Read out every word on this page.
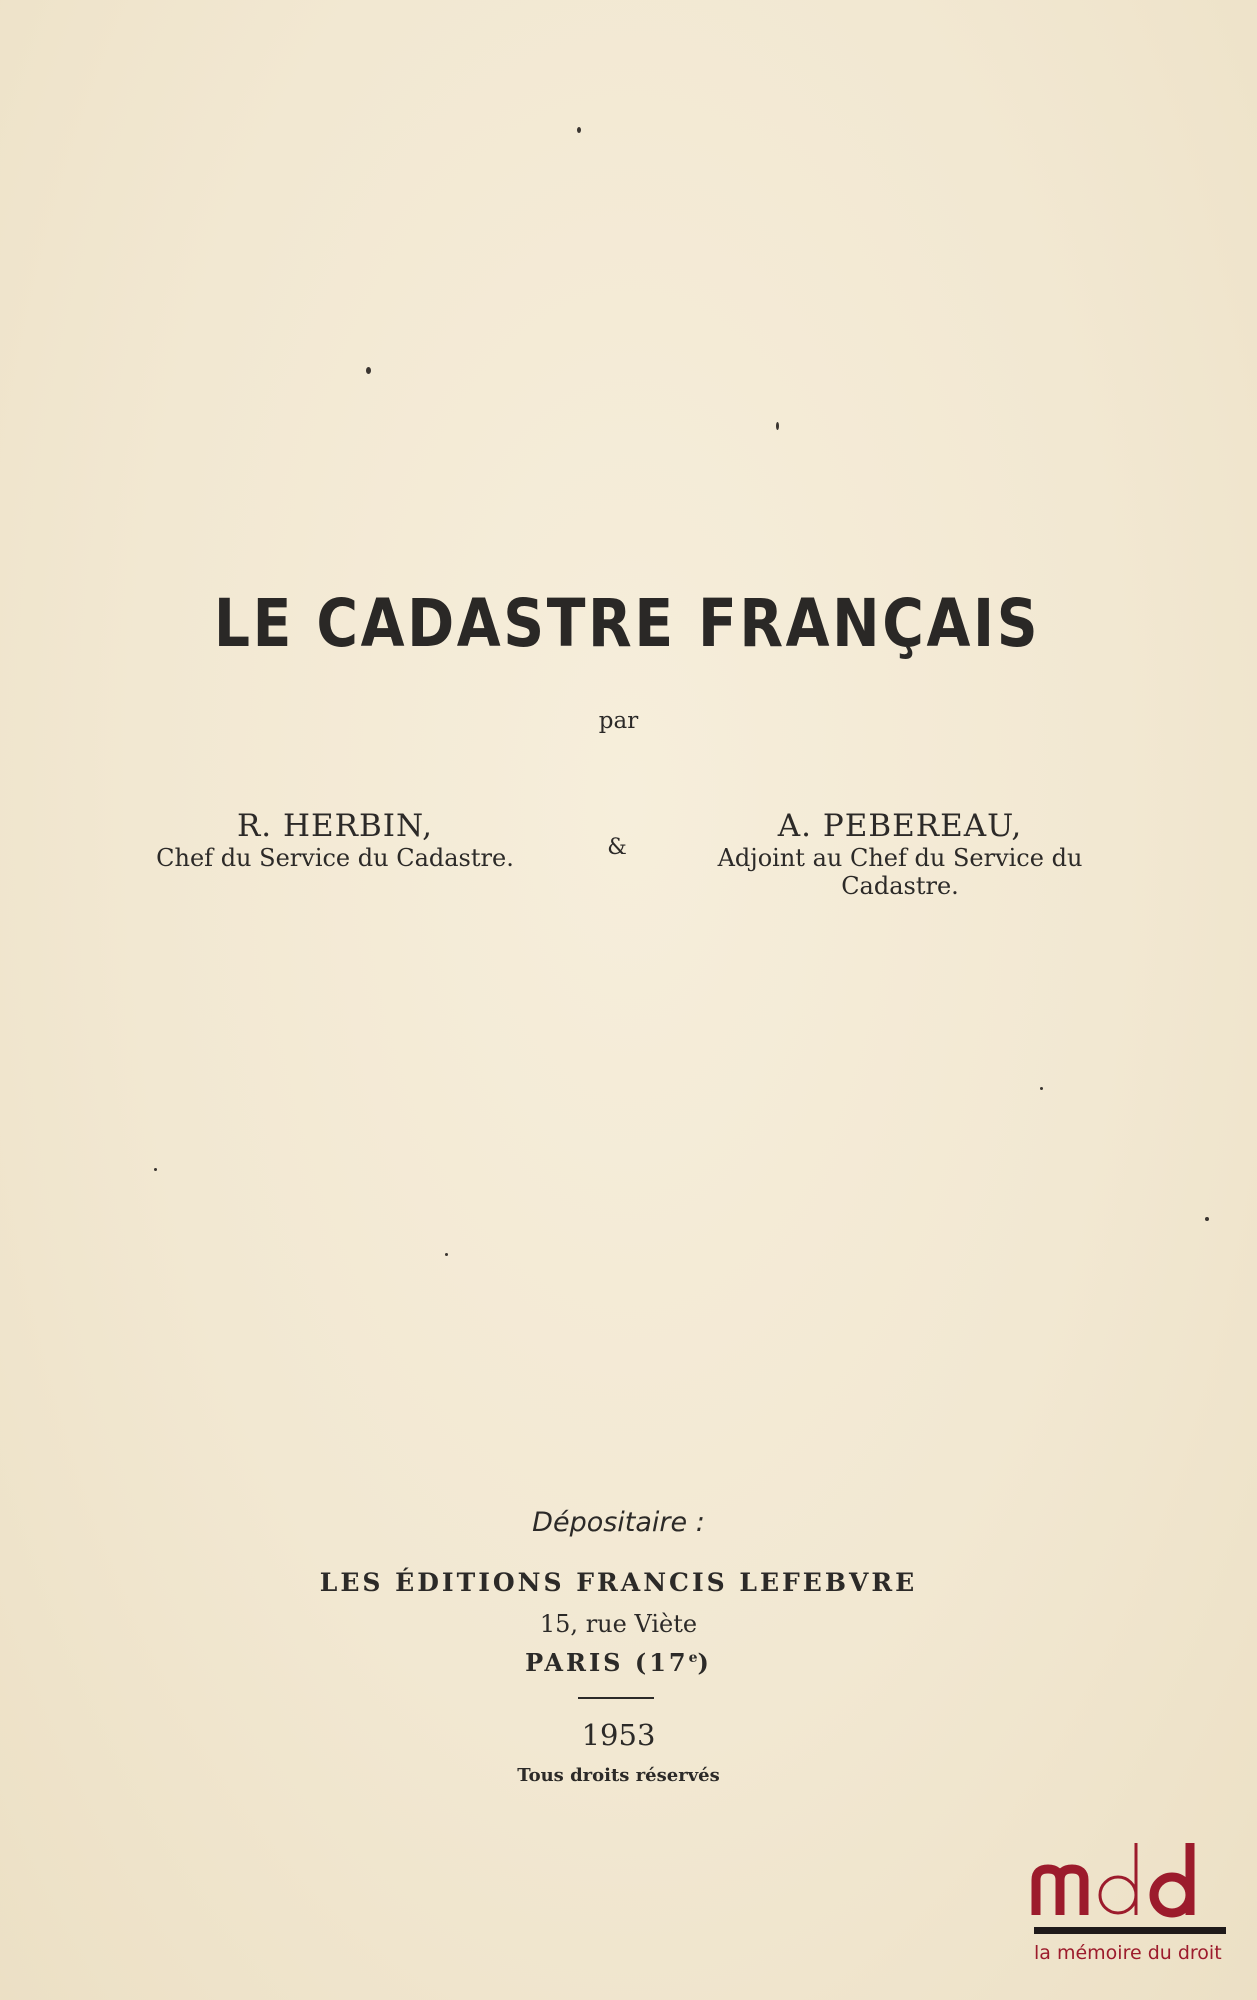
LE CADASTRE FRANÇAIS
par
R. HERBIN,
Chef du Service du Cadastre.	&
A. PEBEREAU,
Adjoint au Chef du Service du
Cadastre.
Dépositaire :
LES ÉDITIONS FRANCIS LEFEBVRE
15, rue Viète
PARIS (17e)
1953
Tous droits réservés
la mémoire du droit
